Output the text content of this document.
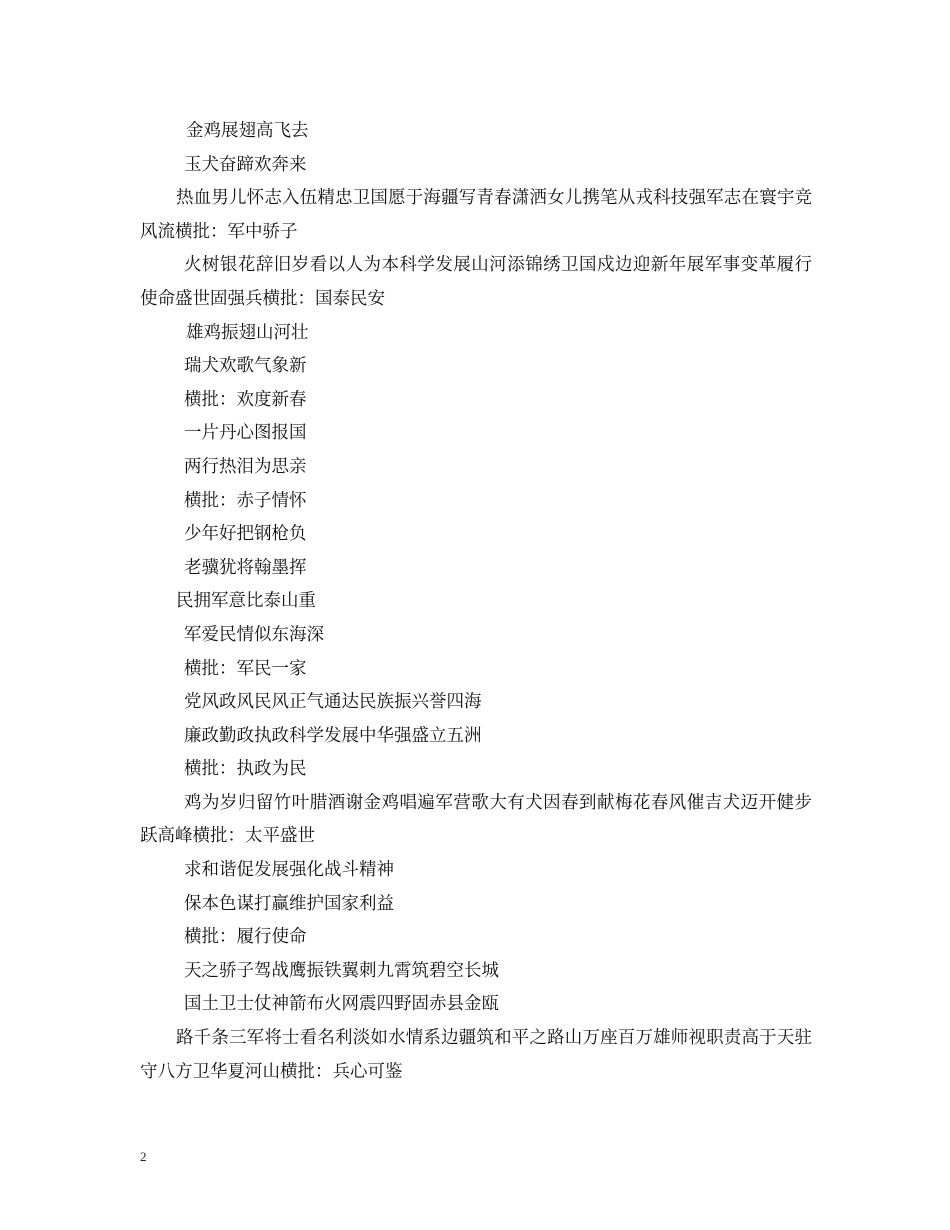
金鸡展翅高飞去

玉犬奋蹄欢奔来

热血男儿怀志入伍精忠卫国愿于海疆写青春潇洒女儿携笔从戎科技强军志在寰宇竞风流横批：军中骄子

火树银花辞旧岁看以人为本科学发展山河添锦绣卫国戍边迎新年展军事变革履行使命盛世固强兵横批：国泰民安

雄鸡振翅山河壮

瑞犬欢歌气象新

横批：欢度新春

一片丹心图报国

两行热泪为思亲

横批：赤子情怀

少年好把钢枪负

老骥犹将翰墨挥

民拥军意比泰山重

军爱民情似东海深

横批：军民一家

党风政风民风正气通达民族振兴誉四海

廉政勤政执政科学发展中华强盛立五洲

横批：执政为民

鸡为岁归留竹叶腊酒谢金鸡唱遍军营歌大有犬因春到献梅花春风催吉犬迈开健步跃高峰横批：太平盛世

求和谐促发展强化战斗精神

保本色谋打赢维护国家利益

横批：履行使命

天之骄子驾战鹰振铁翼刺九霄筑碧空长城

国土卫士仗神箭布火网震四野固赤县金瓯

路千条三军将士看名利淡如水情系边疆筑和平之路山万座百万雄师视职责高于天驻守八方卫华夏河山横批：兵心可鉴

2
